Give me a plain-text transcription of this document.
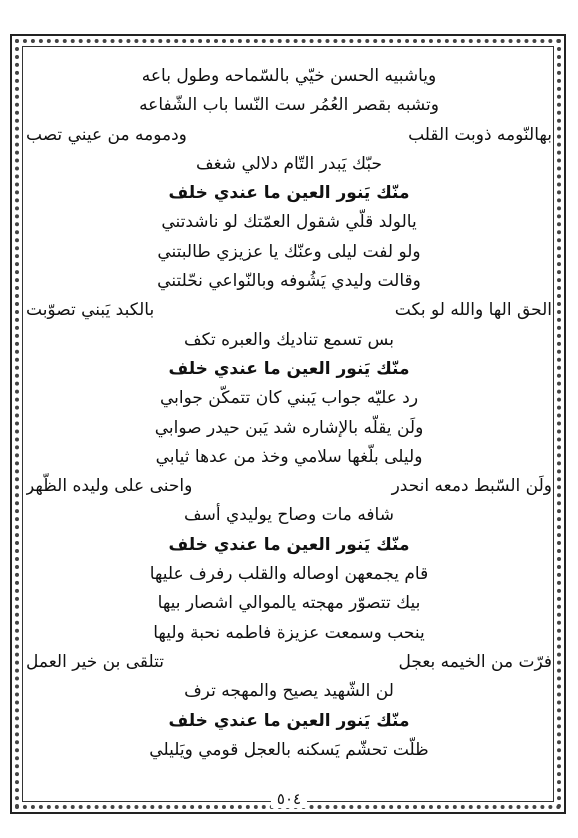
وياشبيه الحسن خيّي بالسّماحه وطول باعه
وتشبه بقصر العُمُر ست النّسا باب الشّفاعه
بهالنّومه ذوبت القلب
ودمومه من عيني تصب
حبّك يَبدر التّام دلالي شغف
منّك يَنور العين ما عندي خلف
يالولد قلّي شقول العمّتك لو ناشدتني
ولو لفت ليلى وعنّك يا عزيزي طالبتني
وقالت وليدي يَشُوفه وبالنّواعي نحّلتني
الحق الها والله لو بكت
بالكبد يَبني تصوّبت
بس تسمع تناديك والعبره تكف
منّك يَنور العين ما عندي خلف
رد عليّه جواب يَبني كان تتمكّن جوابي
ولَن يقلّه بالإشاره شد يَبن حيدر صوابي
وليلى بلّغها سلامي وخذ من عدها ثيابي
ولَن السّبط دمعه انحدر
واحنى على وليده الظّهر
شافه مات وصاح يوليدي أسف
منّك يَنور العين ما عندي خلف
قام يجمعهن اوصاله والقلب رفرف عليها
بيك تتصوّر مهجته يالموالي اشصار بيها
ينحب وسمعت عزيزة فاطمه نحبة وليها
فرّت من الخيمه بعجل
تتلقى بن خير العمل
لن الشّهيد يصيح والمهجه ترف
منّك يَنور العين ما عندي خلف
ظلّت تحشّم يَسكنه بالعجل قومي ويَليلي
٥٠٤
